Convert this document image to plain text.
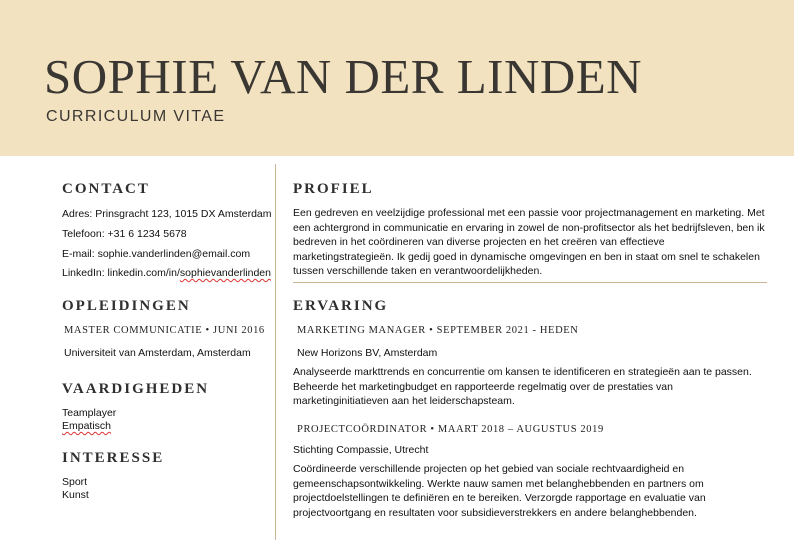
SOPHIE VAN DER LINDEN
CURRICULUM VITAE
CONTACT
Adres: Prinsgracht 123, 1015 DX Amsterdam
Telefoon: +31 6 1234 5678
E-mail: sophie.vanderlinden@email.com
LinkedIn: linkedin.com/in/sophievanderlinden
OPLEIDINGEN
MASTER COMMUNICATIE • JUNI 2016
Universiteit van Amsterdam, Amsterdam
VAARDIGHEDEN
Teamplayer
Empatisch
INTERESSE
Sport
Kunst
PROFIEL
Een gedreven en veelzijdige professional met een passie voor projectmanagement en marketing. Met een achtergrond in communicatie en ervaring in zowel de non-profitsector als het bedrijfsleven, ben ik bedreven in het coördineren van diverse projecten en het creëren van effectieve marketingstrategieën. Ik gedij goed in dynamische omgevingen en ben in staat om snel te schakelen tussen verschillende taken en verantwoordelijkheden.
ERVARING
MARKETING MANAGER • SEPTEMBER 2021 - HEDEN
New Horizons BV, Amsterdam
Analyseerde markttrends en concurrentie om kansen te identificeren en strategieën aan te passen. Beheerde het marketingbudget en rapporteerde regelmatig over de prestaties van marketinginitiatieven aan het leiderschapsteam.
PROJECTCOÖRDINATOR • MAART 2018 – AUGUSTUS 2019
Stichting Compassie, Utrecht
Coördineerde verschillende projecten op het gebied van sociale rechtvaardigheid en gemeenschapsontwikkeling. Werkte nauw samen met belanghebbenden en partners om projectdoelstellingen te definiëren en te bereiken. Verzorgde rapportage en evaluatie van projectvoortgang en resultaten voor subsidieverstrekkers en andere belanghebbenden.
